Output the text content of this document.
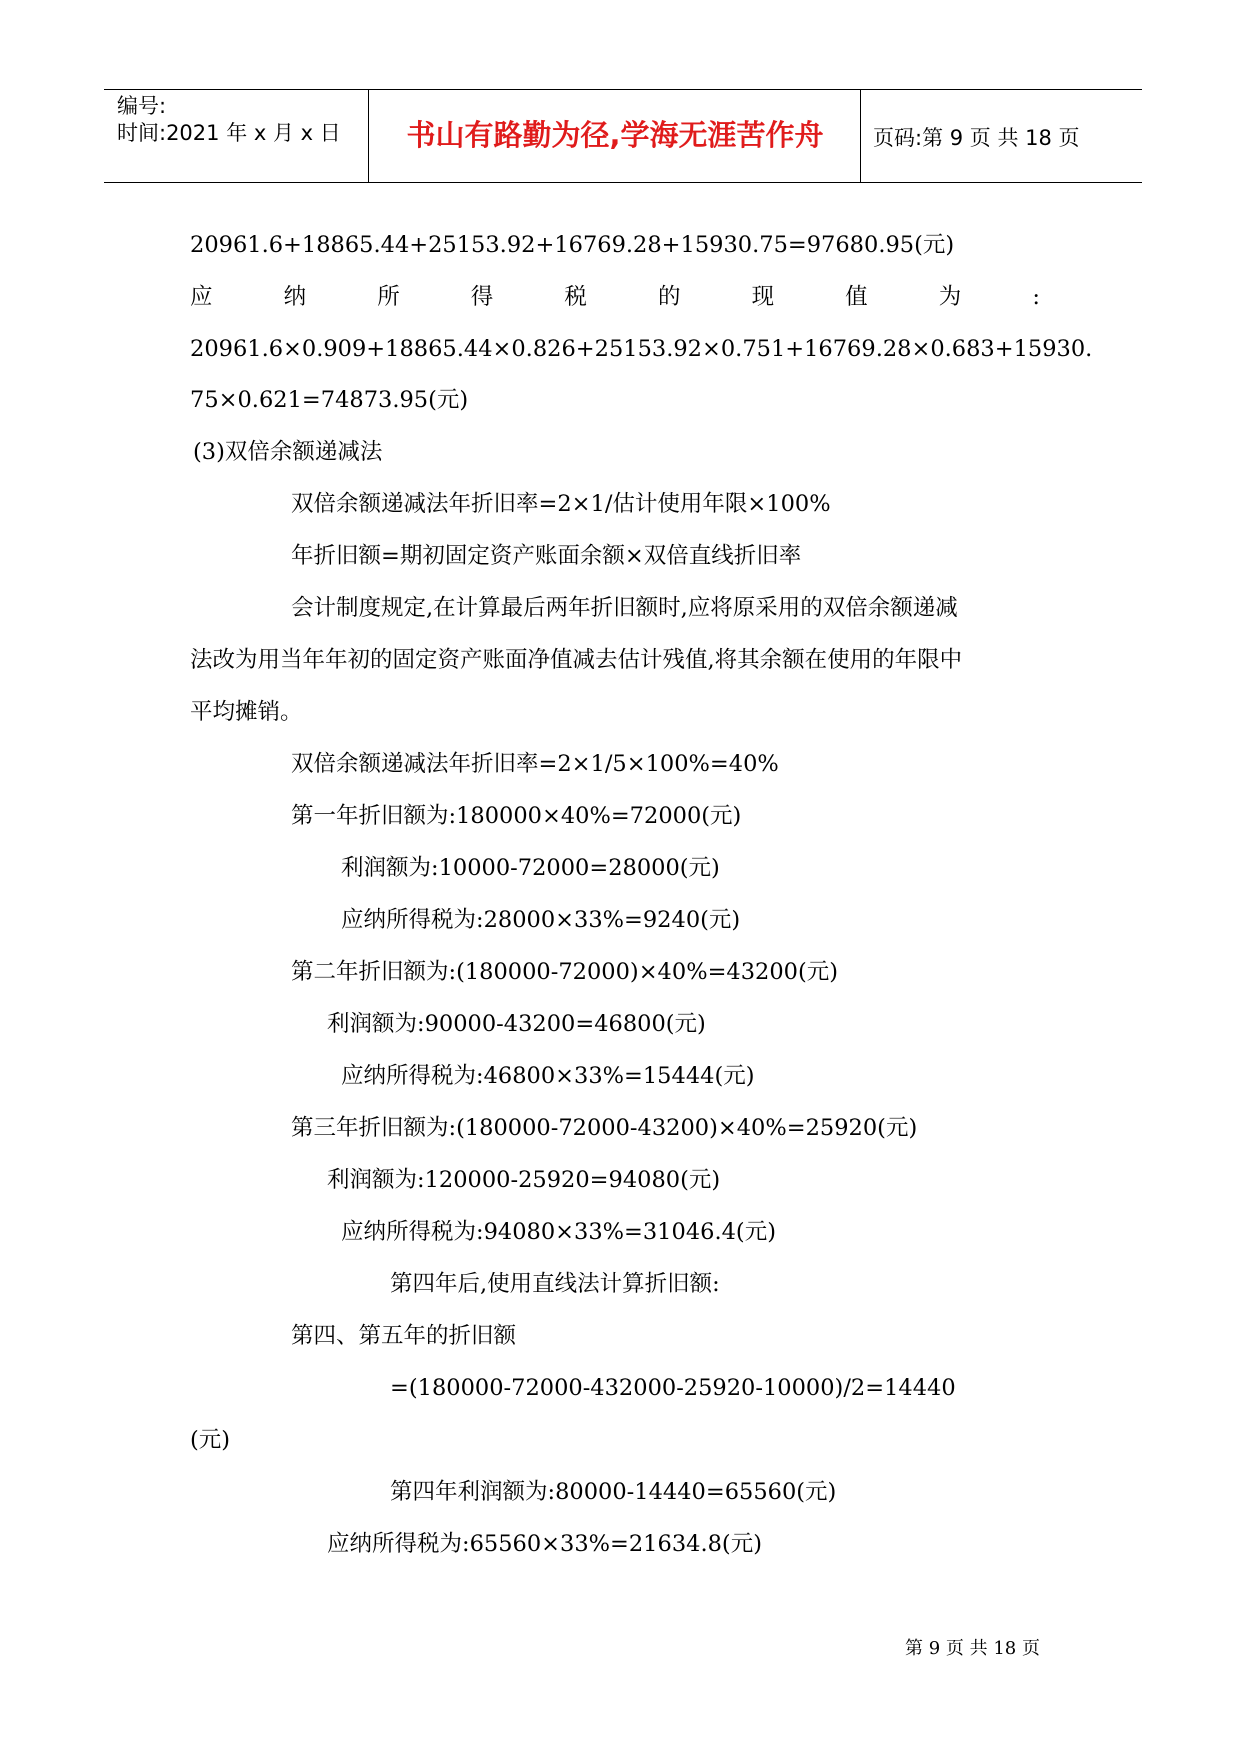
编号:
时间:2021 年 x 月 x 日	书山有路勤为径,学海无涯苦作舟	页码:第 9 页 共 18 页
20961.6+18865.44+25153.92+16769.28+15930.75=97680.95(元)
应	纳	所	得	税	的	现	值	为	:
20961.6×0.909+18865.44×0.826+25153.92×0.751+16769.28×0.683+15930.
75×0.621=74873.95(元)
(3)双倍余额递减法
双倍余额递减法年折旧率=2×1/估计使用年限×100%
年折旧额=期初固定资产账面余额×双倍直线折旧率
会计制度规定,在计算最后两年折旧额时,应将原采用的双倍余额递减
法改为用当年年初的固定资产账面净值减去估计残值,将其余额在使用的年限中
平均摊销。
双倍余额递减法年折旧率=2×1/5×100%=40%
第一年折旧额为:180000×40%=72000(元)
利润额为:10000-72000=28000(元)
应纳所得税为:28000×33%=9240(元)
第二年折旧额为:(180000-72000)×40%=43200(元)
利润额为:90000-43200=46800(元)
应纳所得税为:46800×33%=15444(元)
第三年折旧额为:(180000-72000-43200)×40%=25920(元)
利润额为:120000-25920=94080(元)
应纳所得税为:94080×33%=31046.4(元)
第四年后,使用直线法计算折旧额:
第四、第五年的折旧额
=(180000-72000-432000-25920-10000)/2=14440
(元)
第四年利润额为:80000-14440=65560(元)
应纳所得税为:65560×33%=21634.8(元)
第 9 页 共 18 页
